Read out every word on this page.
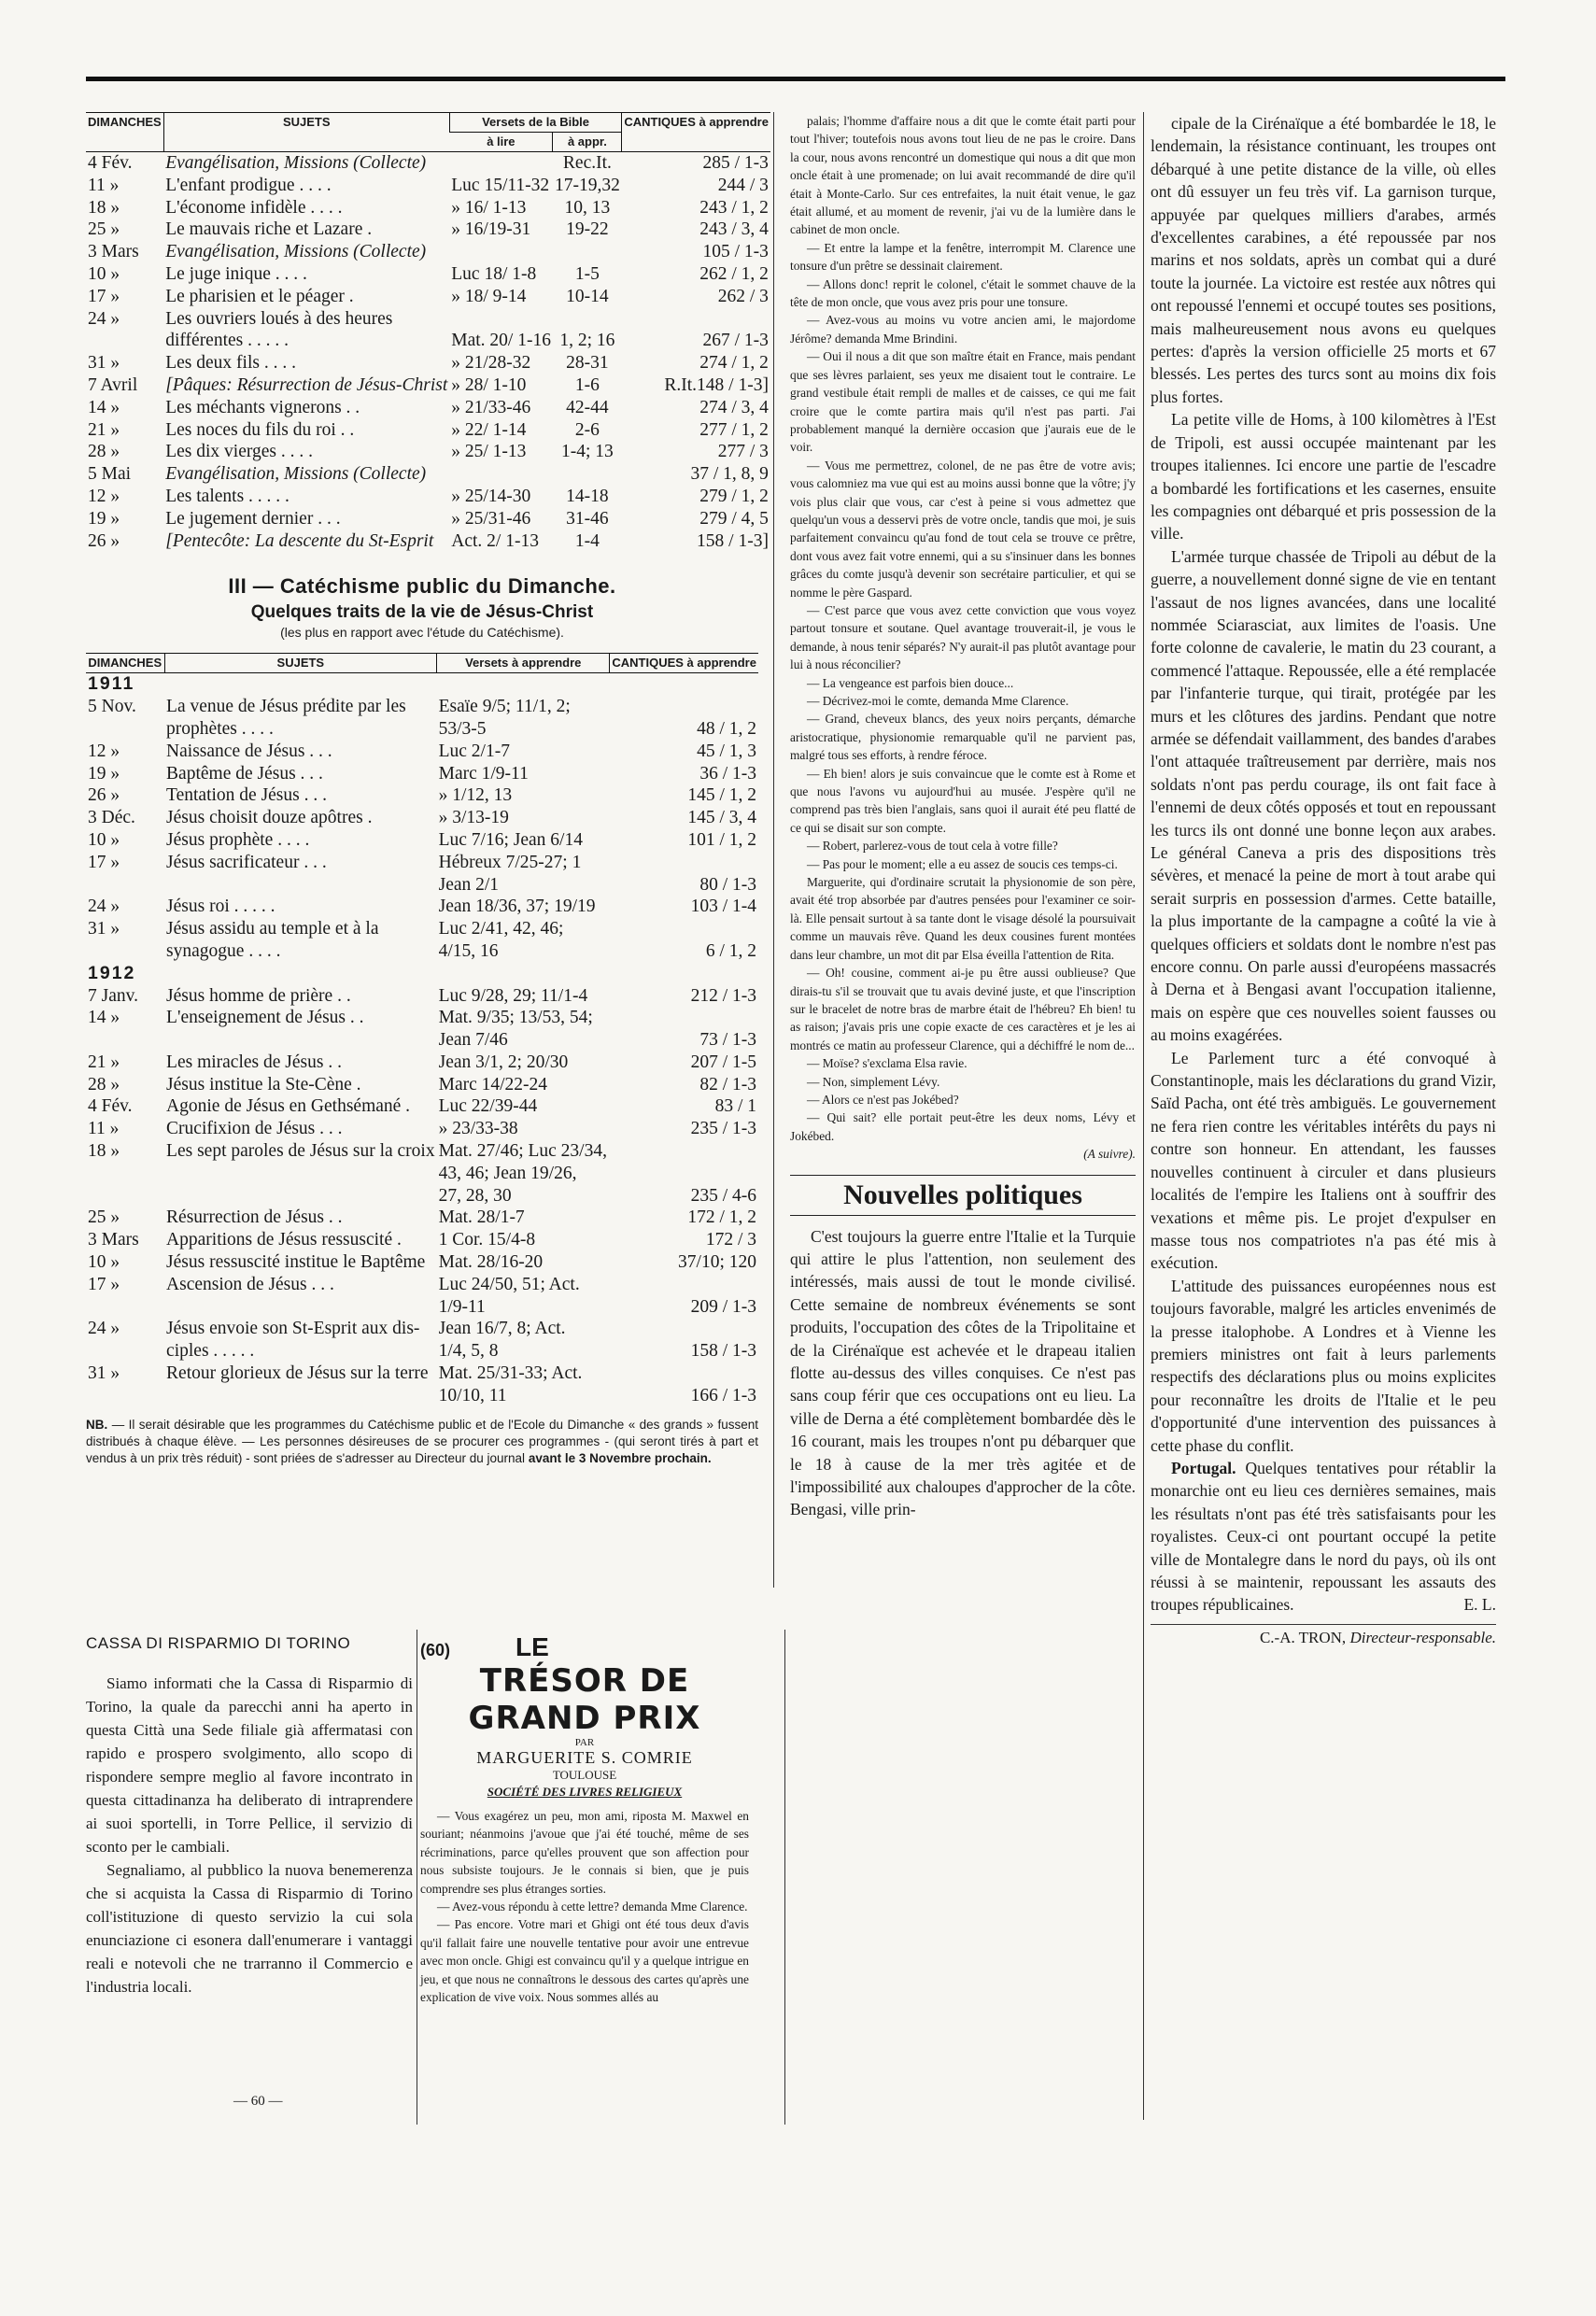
DIMANCHES	SUJETS	Versets de la Bible		CANTIQUES à apprendre
		à lire	à appr.	
4 Fév.	Evangélisation, Missions (Collecte)		Rec.It.	285 / 1-3
11 »	L'enfant prodigue . . . .	Luc 15/11-32	17-19,32	244 / 3
18 »	L'économe infidèle . . . .	» 16/ 1-13	10, 13	243 / 1, 2
25 »	Le mauvais riche et Lazare .	» 16/19-31	19-22	243 / 3, 4
3 Mars	Evangélisation, Missions (Collecte)			105 / 1-3
10 »	Le juge inique . . . .	Luc 18/ 1-8	1-5	262 / 1, 2
17 »	Le pharisien et le péager .	» 18/ 9-14	10-14	262 / 3
24 »	Les ouvriers loués à des heures			
	différentes . . . . .	Mat. 20/ 1-16	1, 2; 16	267 / 1-3
31 »	Les deux fils . . . .	» 21/28-32	28-31	274 / 1, 2
7 Avril	[Pâques: Résurrection de Jésus-Christ	» 28/ 1-10	1-6	R.It.148 / 1-3]
14 »	Les méchants vignerons . .	» 21/33-46	42-44	274 / 3, 4
21 »	Les noces du fils du roi . .	» 22/ 1-14	2-6	277 / 1, 2
28 »	Les dix vierges . . . .	» 25/ 1-13	1-4; 13	277 / 3
5 Mai	Evangélisation, Missions (Collecte)			37 / 1, 8, 9
12 »	Les talents . . . . .	» 25/14-30	14-18	279 / 1, 2
19 »	Le jugement dernier . . .	» 25/31-46	31-46	279 / 4, 5
26 »	[Pentecôte: La descente du St-Esprit	Act. 2/ 1-13	1-4	158 / 1-3]
III — Catéchisme public du Dimanche.
Quelques traits de la vie de Jésus-Christ
(les plus en rapport avec l'étude du Catéchisme).
DIMANCHES	SUJETS	Versets à apprendre	CANTIQUES à apprendre
1911			
5 Nov.	La venue de Jésus prédite par les	Esaïe 9/5; 11/1, 2;	
	prophètes . . . .	53/3-5	48 / 1, 2
12 »	Naissance de Jésus . . .	Luc 2/1-7	45 / 1, 3
19 »	Baptême de Jésus . . .	Marc 1/9-11	36 / 1-3
26 »	Tentation de Jésus . . .	» 1/12, 13	145 / 1, 2
3 Déc.	Jésus choisit douze apôtres .	» 3/13-19	145 / 3, 4
10 »	Jésus prophète . . . .	Luc 7/16; Jean 6/14	101 / 1, 2
17 »	Jésus sacrificateur . . .	Hébreux 7/25-27; 1	
		Jean 2/1	80 / 1-3
24 »	Jésus roi . . . . .	Jean 18/36, 37; 19/19	103 / 1-4
31 »	Jésus assidu au temple et à la	Luc 2/41, 42, 46;	
	synagogue . . . .	4/15, 16	6 / 1, 2
1912			
7 Janv.	Jésus homme de prière . .	Luc 9/28, 29; 11/1-4	212 / 1-3
14 »	L'enseignement de Jésus . .	Mat. 9/35; 13/53, 54;	
		Jean 7/46	73 / 1-3
21 »	Les miracles de Jésus . .	Jean 3/1, 2; 20/30	207 / 1-5
28 »	Jésus institue la Ste-Cène .	Marc 14/22-24	82 / 1-3
4 Fév.	Agonie de Jésus en Gethsémané .	Luc 22/39-44	83 / 1
11 »	Crucifixion de Jésus . . .	» 23/33-38	235 / 1-3
18 »	Les sept paroles de Jésus sur la croix	Mat. 27/46; Luc 23/34,	
		43, 46; Jean 19/26,	
		27, 28, 30	235 / 4-6
25 »	Résurrection de Jésus . .	Mat. 28/1-7	172 / 1, 2
3 Mars	Apparitions de Jésus ressuscité .	1 Cor. 15/4-8	172 / 3
10 »	Jésus ressuscité institue le Baptême	Mat. 28/16-20	37/10; 120
17 »	Ascension de Jésus . . .	Luc 24/50, 51; Act.	
		1/9-11	209 / 1-3
24 »	Jésus envoie son St-Esprit aux dis-	Jean 16/7, 8; Act.	
	ciples . . . . .	1/4, 5, 8	158 / 1-3
31 »	Retour glorieux de Jésus sur la terre	Mat. 25/31-33; Act.	
		10/10, 11	166 / 1-3

NB. — Il serait désirable que les programmes du Catéchisme public et de l'Ecole du Dimanche « des grands » fussent distribués à chaque élève. — Les personnes désireuses de se procurer ces programmes - (qui seront tirés à part et vendus à un prix très réduit) - sont priées de s'adresser au Directeur du journal avant le 3 Novembre prochain.

CASSA DI RISPARMIO DI TORINO

Siamo informati che la Cassa di Risparmio di Torino, la quale da parecchi anni ha aperto in questa Città una Sede filiale già affermatasi con rapido e prospero svolgimento, allo scopo di rispondere sempre meglio al favore incontrato in questa cittadinanza ha deliberato di intraprendere ai suoi sportelli, in Torre Pellice, il servizio di sconto per le cambiali.

Segnaliamo, al pubblico la nuova benemerenza che si acquista la Cassa di Risparmio di Torino coll'istituzione di questo servizio la cui sola enunciazione ci esonera dall'enumerare i vantaggi reali e notevoli che ne trarranno il Commercio e l'industria locali.

— 60 —
(60)	LE

TRÉSOR DE GRAND PRIX

PAR

MARGUERITE S. COMRIE

TOULOUSE

SOCIÉTÉ DES LIVRES RELIGIEUX

— Vous exagérez un peu, mon ami, riposta M. Maxwel en souriant; néanmoins j'avoue que j'ai été touché, même de ses récriminations, parce qu'elles prouvent que son affection pour nous subsiste toujours. Je le connais si bien, que je puis comprendre ses plus étranges sorties.

— Avez-vous répondu à cette lettre? demanda Mme Clarence.

— Pas encore. Votre mari et Ghigi ont été tous deux d'avis qu'il fallait faire une nouvelle tentative pour avoir une entrevue avec mon oncle. Ghigi est convaincu qu'il y a quelque intrigue en jeu, et que nous ne connaîtrons le dessous des cartes qu'après une explication de vive voix. Nous sommes allés au

palais; l'homme d'affaire nous a dit que le comte était parti pour tout l'hiver; toutefois nous avons tout lieu de ne pas le croire. Dans la cour, nous avons rencontré un domestique qui nous a dit que mon oncle était à une promenade; on lui avait recommandé de dire qu'il était à Monte-Carlo. Sur ces entrefaites, la nuit était venue, le gaz était allumé, et au moment de revenir, j'ai vu de la lumière dans le cabinet de mon oncle.

— Et entre la lampe et la fenêtre, interrompit M. Clarence une tonsure d'un prêtre se dessinait clairement.

— Allons donc! reprit le colonel, c'était le sommet chauve de la tête de mon oncle, que vous avez pris pour une tonsure.

— Avez-vous au moins vu votre ancien ami, le majordome Jérôme? demanda Mme Brindini.

— Oui il nous a dit que son maître était en France, mais pendant que ses lèvres parlaient, ses yeux me disaient tout le contraire. Le grand vestibule était rempli de malles et de caisses, ce qui me fait croire que le comte partira mais qu'il n'est pas parti. J'ai probablement manqué la dernière occasion que j'aurais eue de le voir.

— Vous me permettrez, colonel, de ne pas être de votre avis; vous calomniez ma vue qui est au moins aussi bonne que la vôtre; j'y vois plus clair que vous, car c'est à peine si vous admettez que quelqu'un vous a desservi près de votre oncle, tandis que moi, je suis parfaitement convaincu qu'au fond de tout cela se trouve ce prêtre, dont vous avez fait votre ennemi, qui a su s'insinuer dans les bonnes grâces du comte jusqu'à devenir son secrétaire particulier, et qui se nomme le père Gaspard.

— C'est parce que vous avez cette conviction que vous voyez partout tonsure et soutane. Quel avantage trouverait-il, je vous le demande, à nous tenir séparés? N'y aurait-il pas plutôt avantage pour lui à nous réconcilier?

— La vengeance est parfois bien douce...

— Décrivez-moi le comte, demanda Mme Clarence.

— Grand, cheveux blancs, des yeux noirs perçants, démarche aristocratique, physionomie remarquable qu'il ne parvient pas, malgré tous ses efforts, à rendre féroce.

— Eh bien! alors je suis convaincue que le comte est à Rome et que nous l'avons vu aujourd'hui au musée. J'espère qu'il ne comprend pas très bien l'anglais, sans quoi il aurait été peu flatté de ce qui se disait sur son compte.

— Robert, parlerez-vous de tout cela à votre fille?

— Pas pour le moment; elle a eu assez de soucis ces temps-ci.

Marguerite, qui d'ordinaire scrutait la physionomie de son père, avait été trop absorbée par d'autres pensées pour l'examiner ce soir-là. Elle pensait surtout à sa tante dont le visage désolé la poursuivait comme un mauvais rêve. Quand les deux cousines furent montées dans leur chambre, un mot dit par Elsa éveilla l'attention de Rita.

— Oh! cousine, comment ai-je pu être aussi oublieuse? Que dirais-tu s'il se trouvait que tu avais deviné juste, et que l'inscription sur le bracelet de notre bras de marbre était de l'hébreu? Eh bien! tu as raison; j'avais pris une copie exacte de ces caractères et je les ai montrés ce matin au professeur Clarence, qui a déchiffré le nom de...

— Moïse? s'exclama Elsa ravie.

— Non, simplement Lévy.

— Alors ce n'est pas Jokébed?

— Qui sait? elle portait peut-être les deux noms, Lévy et Jokébed.

(A suivre).
Nouvelles politiques

C'est toujours la guerre entre l'Italie et la Turquie qui attire le plus l'attention, non seulement des intéressés, mais aussi de tout le monde civilisé. Cette semaine de nombreux événements se sont produits, l'occupation des côtes de la Tripolitaine et de la Cirénaïque est achevée et le drapeau italien flotte au-dessus des villes conquises. Ce n'est pas sans coup férir que ces occupations ont eu lieu. La ville de Derna a été complètement bombardée dès le 16 courant, mais les troupes n'ont pu débarquer que le 18 à cause de la mer très agitée et de l'impossibilité aux chaloupes d'approcher de la côte. Bengasi, ville prin-

cipale de la Cirénaïque a été bombardée le 18, le lendemain, la résistance continuant, les troupes ont débarqué à une petite distance de la ville, où elles ont dû essuyer un feu très vif. La garnison turque, appuyée par quelques milliers d'arabes, armés d'excellentes carabines, a été repoussée par nos marins et nos soldats, après un combat qui a duré toute la journée. La victoire est restée aux nôtres qui ont repoussé l'ennemi et occupé toutes ses positions, mais malheureusement nous avons eu quelques pertes: d'après la version officielle 25 morts et 67 blessés. Les pertes des turcs sont au moins dix fois plus fortes.

La petite ville de Homs, à 100 kilomètres à l'Est de Tripoli, est aussi occupée maintenant par les troupes italiennes. Ici encore une partie de l'escadre a bombardé les fortifications et les casernes, ensuite les compagnies ont débarqué et pris possession de la ville.

L'armée turque chassée de Tripoli au début de la guerre, a nouvellement donné signe de vie en tentant l'assaut de nos lignes avancées, dans une localité nommée Sciarasciat, aux limites de l'oasis. Une forte colonne de cavalerie, le matin du 23 courant, a commencé l'attaque. Repoussée, elle a été remplacée par l'infanterie turque, qui tirait, protégée par les murs et les clôtures des jardins. Pendant que notre armée se défendait vaillamment, des bandes d'arabes l'ont attaquée traîtreusement par derrière, mais nos soldats n'ont pas perdu courage, ils ont fait face à l'ennemi de deux côtés opposés et tout en repoussant les turcs ils ont donné une bonne leçon aux arabes. Le général Caneva a pris des dispositions très sévères, et menacé la peine de mort à tout arabe qui serait surpris en possession d'armes. Cette bataille, la plus importante de la campagne a coûté la vie à quelques officiers et soldats dont le nombre n'est pas encore connu. On parle aussi d'européens massacrés à Derna et à Bengasi avant l'occupation italienne, mais on espère que ces nouvelles soient fausses ou au moins exagérées.

Le Parlement turc a été convoqué à Constantinople, mais les déclarations du grand Vizir, Saïd Pacha, ont été très ambiguës. Le gouvernement ne fera rien contre les véritables intérêts du pays ni contre son honneur. En attendant, les fausses nouvelles continuent à circuler et dans plusieurs localités de l'empire les Italiens ont à souffrir des vexations et même pis. Le projet d'expulser en masse tous nos compatriotes n'a pas été mis à exécution.

L'attitude des puissances européennes nous est toujours favorable, malgré les articles envenimés de la presse italophobe. A Londres et à Vienne les premiers ministres ont fait à leurs parlements respectifs des déclarations plus ou moins explicites pour reconnaître les droits de l'Italie et le peu d'opportunité d'une intervention des puissances à cette phase du conflit.

Portugal. Quelques tentatives pour rétablir la monarchie ont eu lieu ces dernières semaines, mais les résultats n'ont pas été très satisfaisants pour les royalistes. Ceux-ci ont pourtant occupé la petite ville de Montalegre dans le nord du pays, où ils ont réussi à se maintenir, repoussant les assauts des troupes républicaines.	E. L.

C.-A. TRON, Directeur-responsable.
